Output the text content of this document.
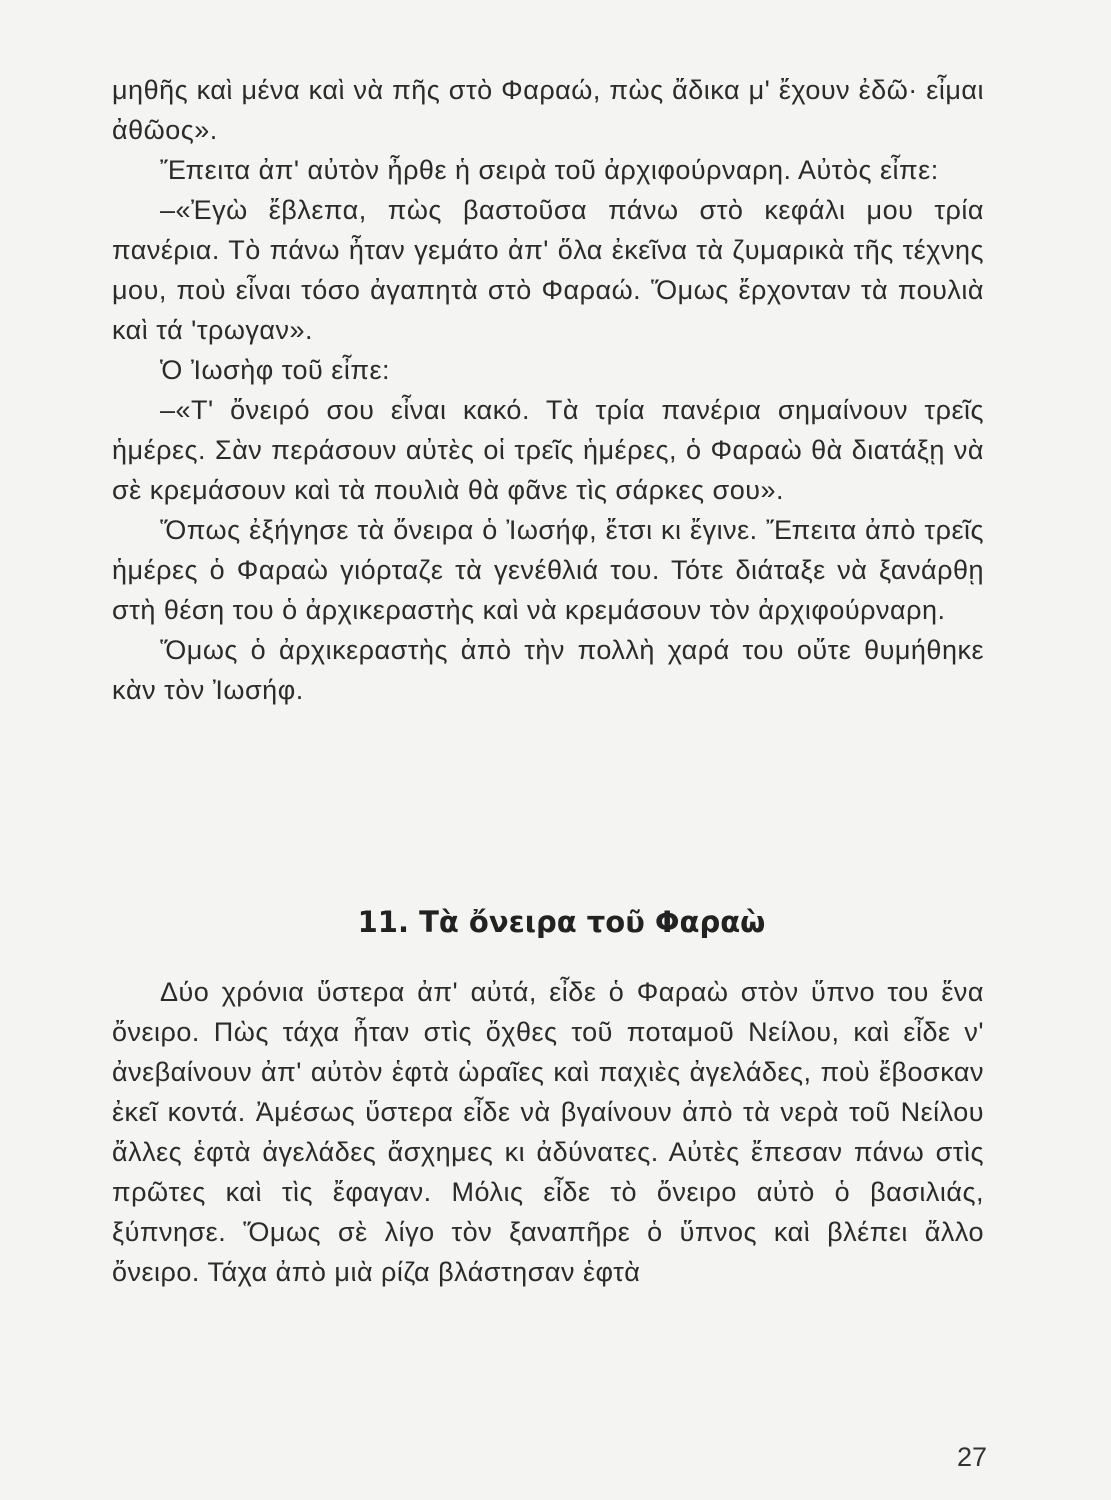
μηθῆς καὶ μένα καὶ νὰ πῆς στὸ Φαραώ, πὼς ἄδικα μ' ἔχουν ἐδῶ· εἶμαι ἀθῶος».

Ἔπειτα ἀπ' αὐτὸν ἦρθε ἡ σειρὰ τοῦ ἀρχιφούρναρη. Αὐτὸς εἶπε:

–«Ἐγὼ ἔβλεπα, πὼς βαστοῦσα πάνω στὸ κεφάλι μου τρία πανέρια. Τὸ πάνω ἦταν γεμάτο ἀπ' ὅλα ἐκεῖνα τὰ ζυμαρικὰ τῆς τέχνης μου, ποὺ εἶναι τόσο ἀγαπητὰ στὸ Φαραώ. Ὅμως ἔρχονταν τὰ πουλιὰ καὶ τά 'τρωγαν».

Ὁ Ἰωσὴφ τοῦ εἶπε:

–«Τ' ὄνειρό σου εἶναι κακό. Τὰ τρία πανέρια σημαίνουν τρεῖς ἡμέρες. Σὰν περάσουν αὐτὲς οἱ τρεῖς ἡμέρες, ὁ Φαραὼ θὰ διατάξῃ νὰ σὲ κρεμάσουν καὶ τὰ πουλιὰ θὰ φᾶνε τὶς σάρκες σου».

Ὅπως ἐξήγησε τὰ ὄνειρα ὁ Ἰωσήφ, ἔτσι κι ἔγινε. Ἔπειτα ἀπὸ τρεῖς ἡμέρες ὁ Φαραὼ γιόρταζε τὰ γενέθλιά του. Τότε διάταξε νὰ ξανάρθῃ στὴ θέση του ὁ ἀρχικεραστὴς καὶ νὰ κρεμάσουν τὸν ἀρχιφούρναρη.

Ὅμως ὁ ἀρχικεραστὴς ἀπὸ τὴν πολλὴ χαρά του οὔτε θυμήθηκε κὰν τὸν Ἰωσήφ.

11. Τὰ ὄνειρα τοῦ Φαραὼ

Δύο χρόνια ὕστερα ἀπ' αὐτά, εἶδε ὁ Φαραὼ στὸν ὕπνο του ἕνα ὄνειρο. Πὼς τάχα ἦταν στὶς ὄχθες τοῦ ποταμοῦ Νείλου, καὶ εἶδε ν' ἀνεβαίνουν ἀπ' αὐτὸν ἑφτὰ ὡραῖες καὶ παχιὲς ἀγελάδες, ποὺ ἔβοσκαν ἐκεῖ κοντά. Ἀμέσως ὕστερα εἶδε νὰ βγαίνουν ἀπὸ τὰ νερὰ τοῦ Νείλου ἄλλες ἑφτὰ ἀγελάδες ἄσχημες κι ἀδύνατες. Αὐτὲς ἔπεσαν πάνω στὶς πρῶτες καὶ τὶς ἔφαγαν. Μόλις εἶδε τὸ ὄνειρο αὐτὸ ὁ βασιλιάς, ξύπνησε. Ὅμως σὲ λίγο τὸν ξαναπῆρε ὁ ὕπνος καὶ βλέπει ἄλλο ὄνειρο. Τάχα ἀπὸ μιὰ ρίζα βλάστησαν ἑφτὰ

27
